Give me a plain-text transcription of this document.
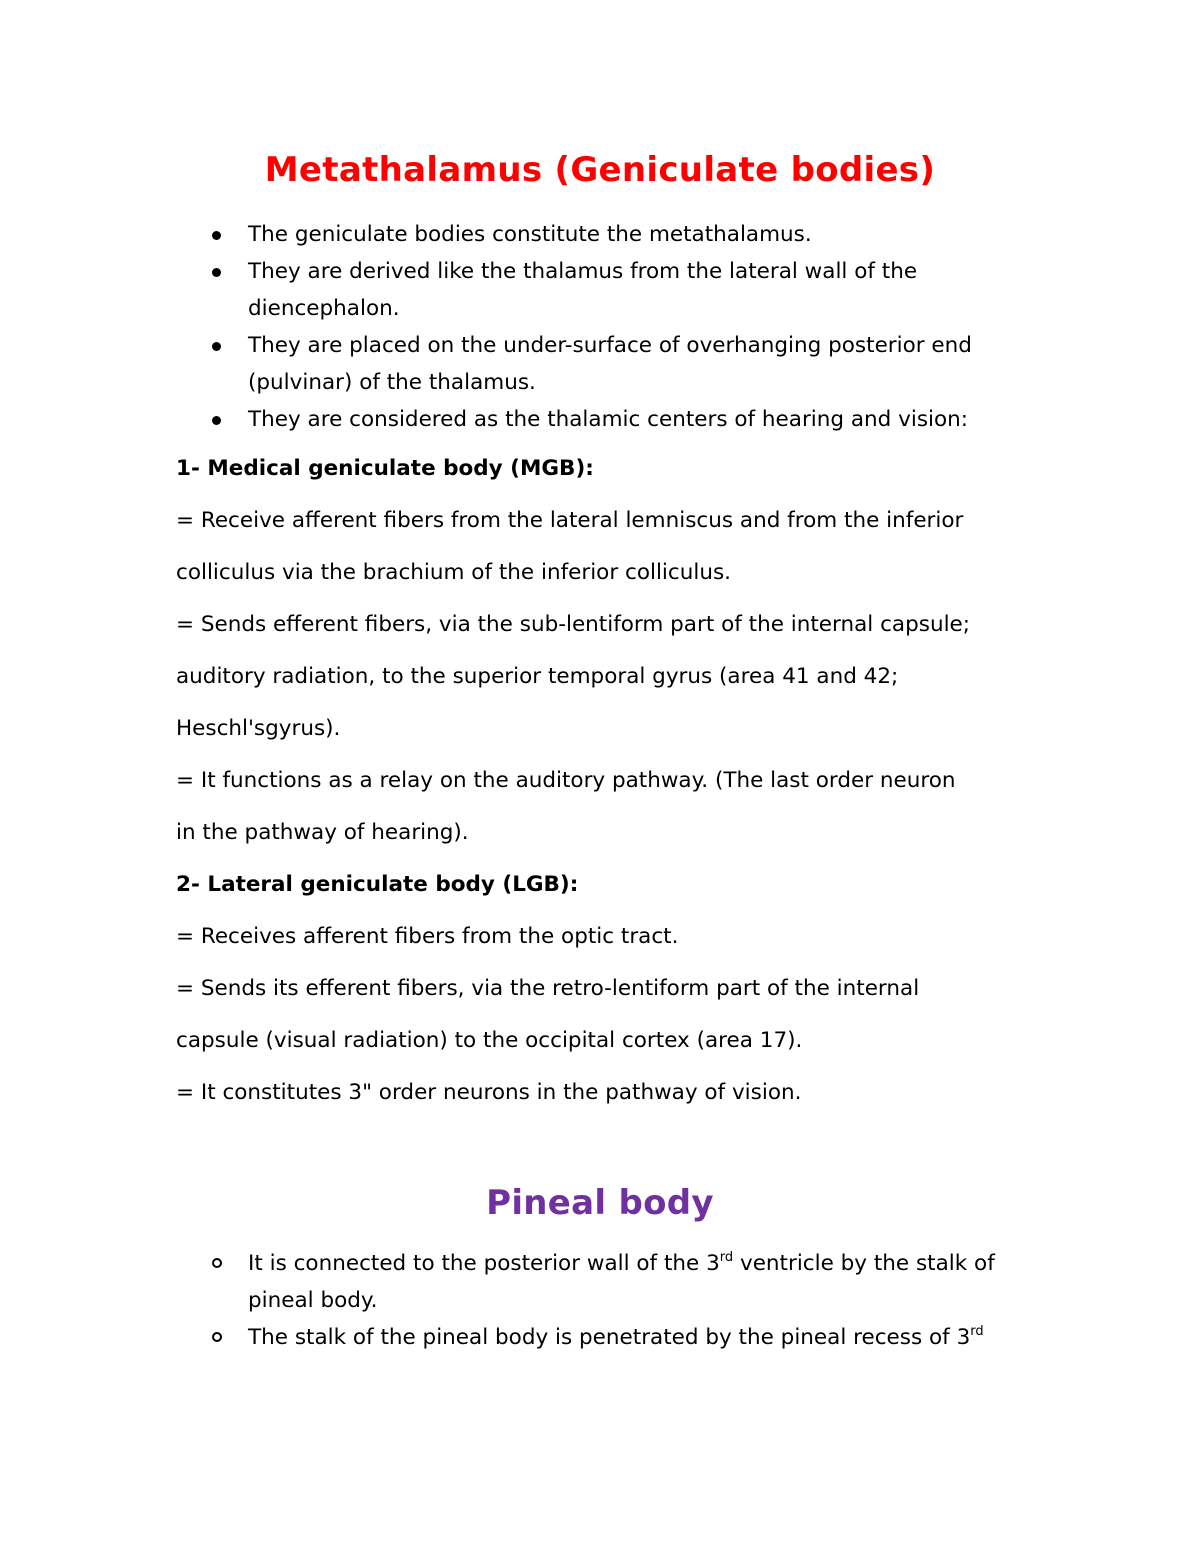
Metathalamus (Geniculate bodies)
The geniculate bodies constitute the metathalamus.
They are derived like the thalamus from the lateral wall of the diencephalon.
They are placed on the under-surface of overhanging posterior end (pulvinar) of the thalamus.
They are considered as the thalamic centers of hearing and vision:
1- Medical geniculate body (MGB):
= Receive afferent fibers from the lateral lemniscus and from the inferior
colliculus via the brachium of the inferior colliculus.
= Sends efferent fibers, via the sub-lentiform part of the internal capsule;
auditory radiation, to the superior temporal gyrus (area 41 and 42;
Heschl'sgyrus).
= It functions as a relay on the auditory pathway. (The last order neuron
in the pathway of hearing).
2- Lateral geniculate body (LGB):
= Receives afferent fibers from the optic tract.
= Sends its efferent fibers, via the retro-lentiform part of the internal
capsule (visual radiation) to the occipital cortex (area 17).
= It constitutes 3" order neurons in the pathway of vision.
Pineal body
It is connected to the posterior wall of the 3rd ventricle by the stalk of pineal body.
The stalk of the pineal body is penetrated by the pineal recess of 3rd
